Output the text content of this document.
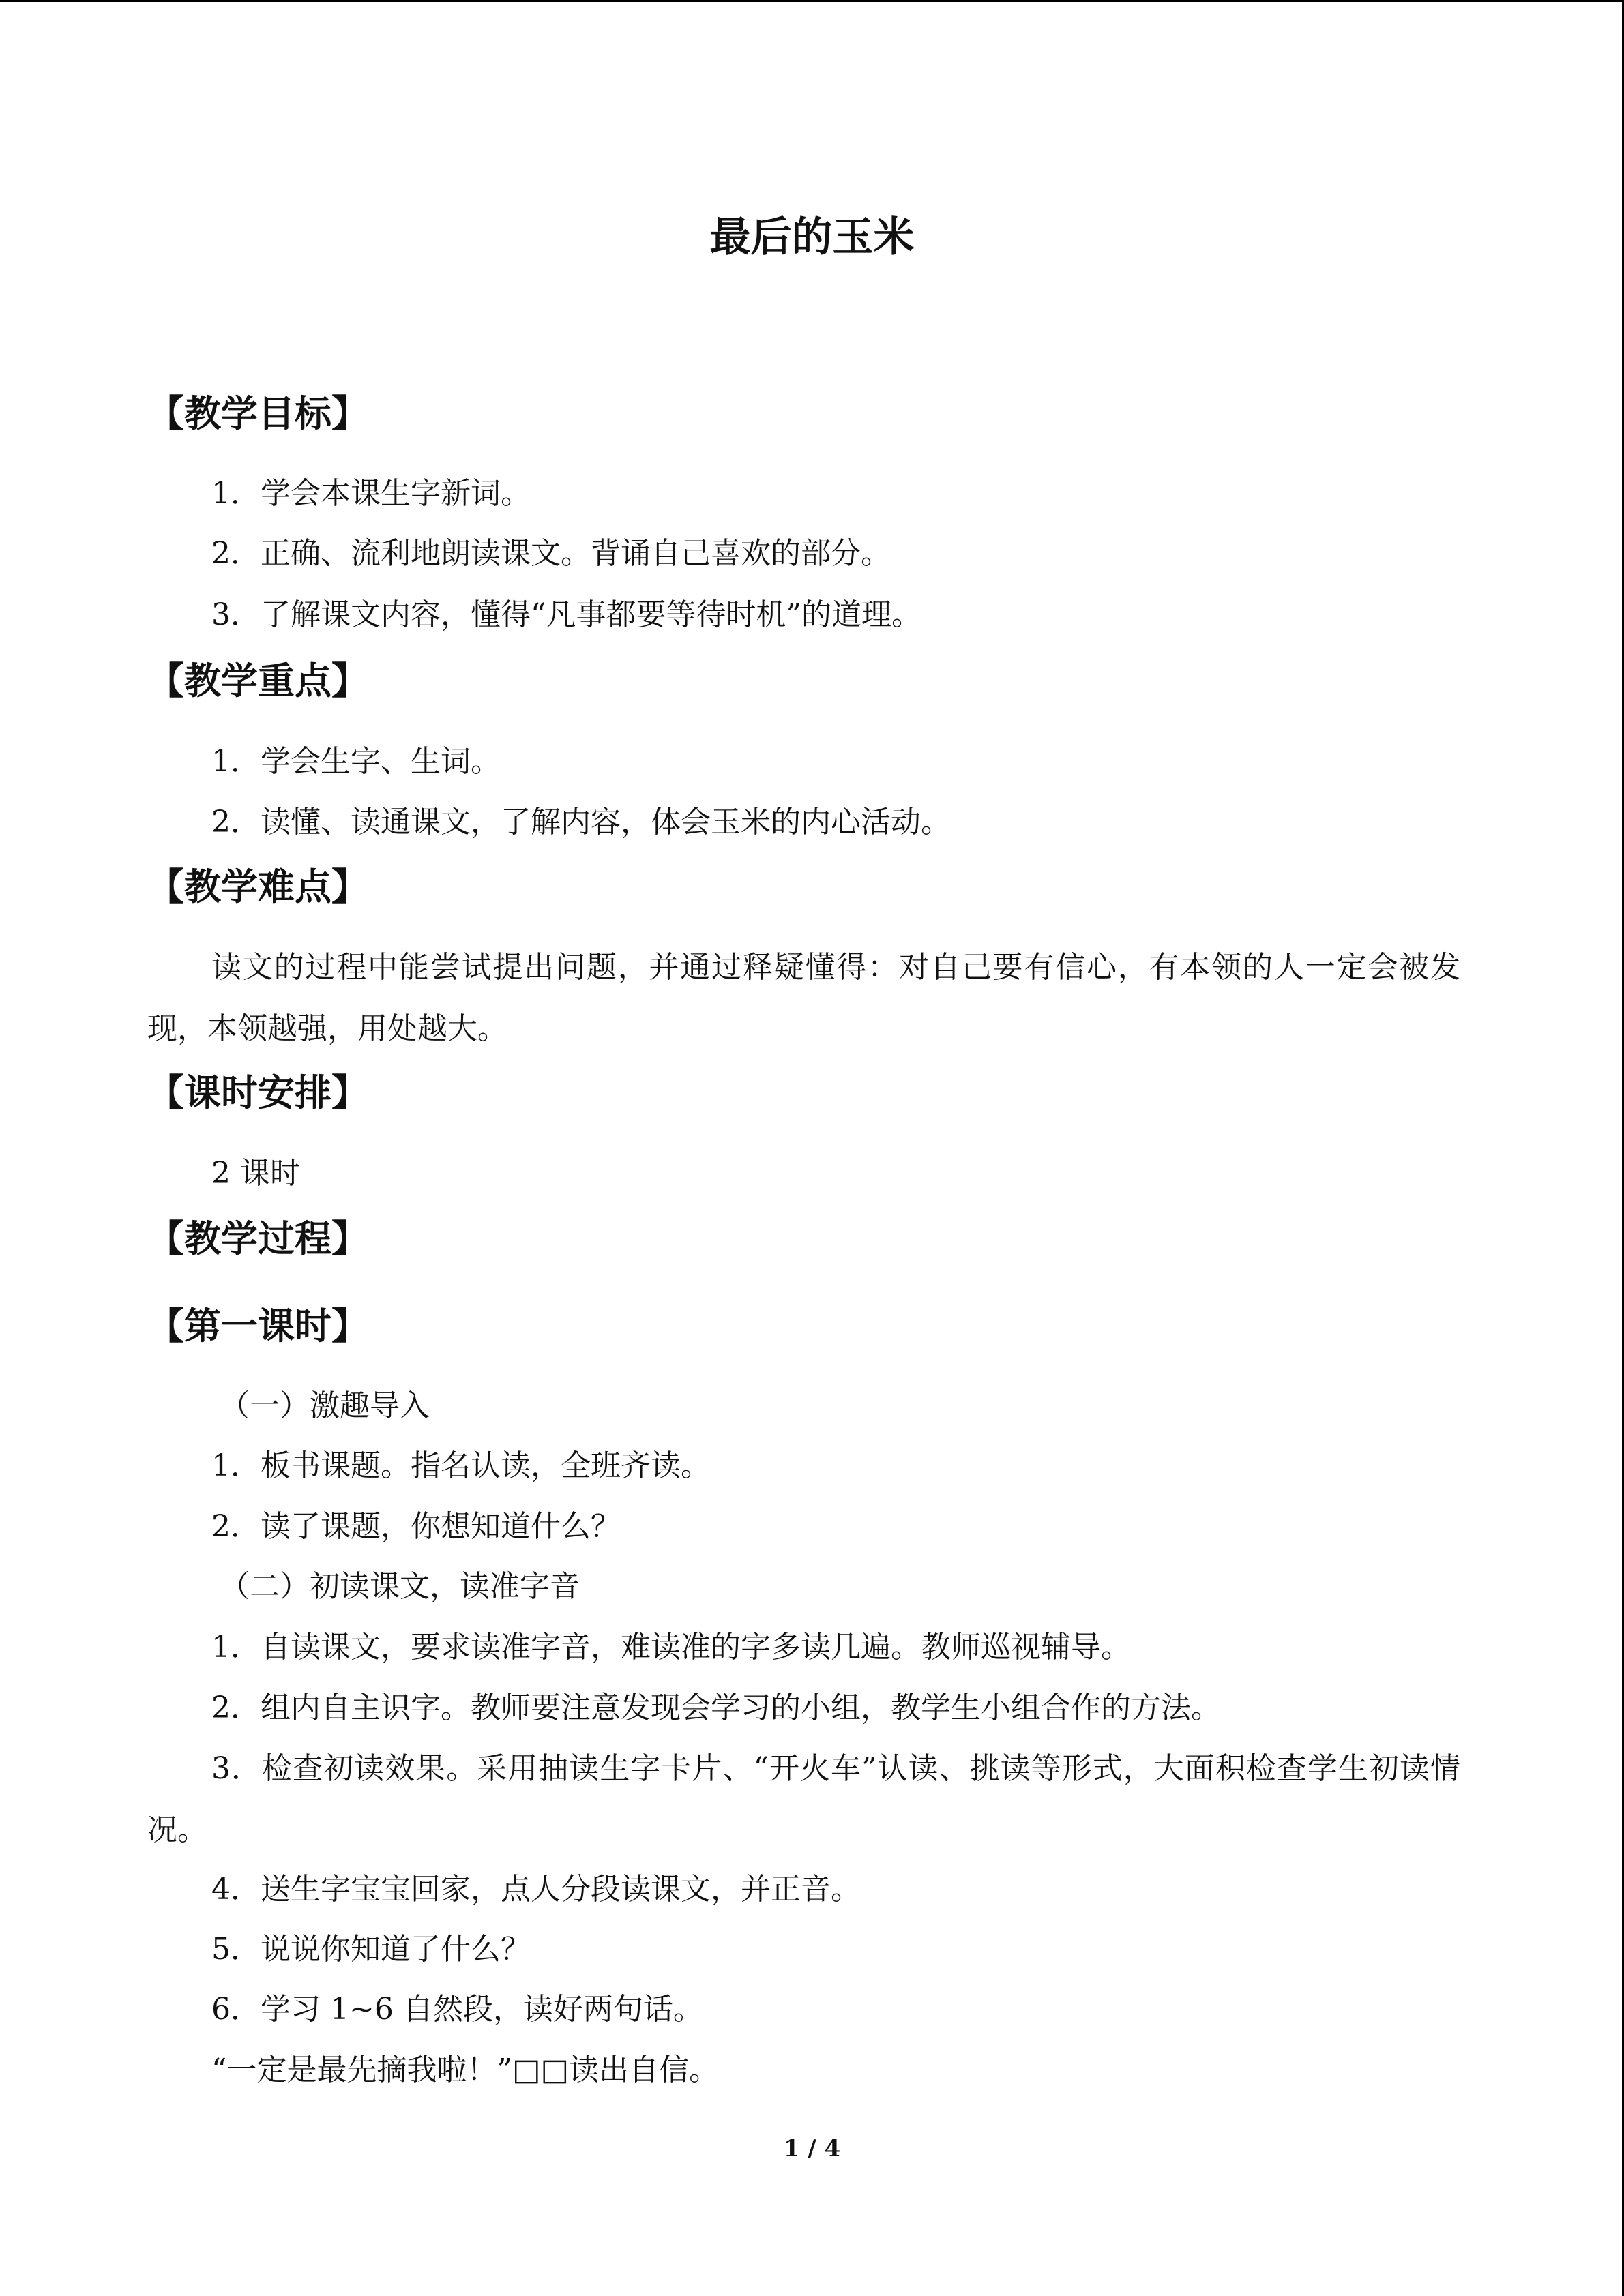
最后的玉米
【教学目标】

1．学会本课生字新词。

2．正确、流利地朗读课文。背诵自己喜欢的部分。

3．了解课文内容，懂得“凡事都要等待时机”的道理。

【教学重点】

1．学会生字、生词。

2．读懂、读通课文，了解内容，体会玉米的内心活动。

【教学难点】

读文的过程中能尝试提出问题，并通过释疑懂得：对自己要有信心，有本领的人一定会被发现，本领越强，用处越大。

【课时安排】

2 课时

【教学过程】
【第一课时】

（一）激趣导入

1．板书课题。指名认读，全班齐读。

2．读了课题，你想知道什么？

（二）初读课文，读准字音

1．自读课文，要求读准字音，难读准的字多读几遍。教师巡视辅导。

2．组内自主识字。教师要注意发现会学习的小组，教学生小组合作的方法。

3．检查初读效果。采用抽读生字卡片、“开火车”认读、挑读等形式，大面积检查学生初读情况。

4．送生字宝宝回家，点人分段读课文，并正音。

5．说说你知道了什么？

6．学习 1~6 自然段，读好两句话。

“一定是最先摘我啦！”□□读出自信。

1 / 4
